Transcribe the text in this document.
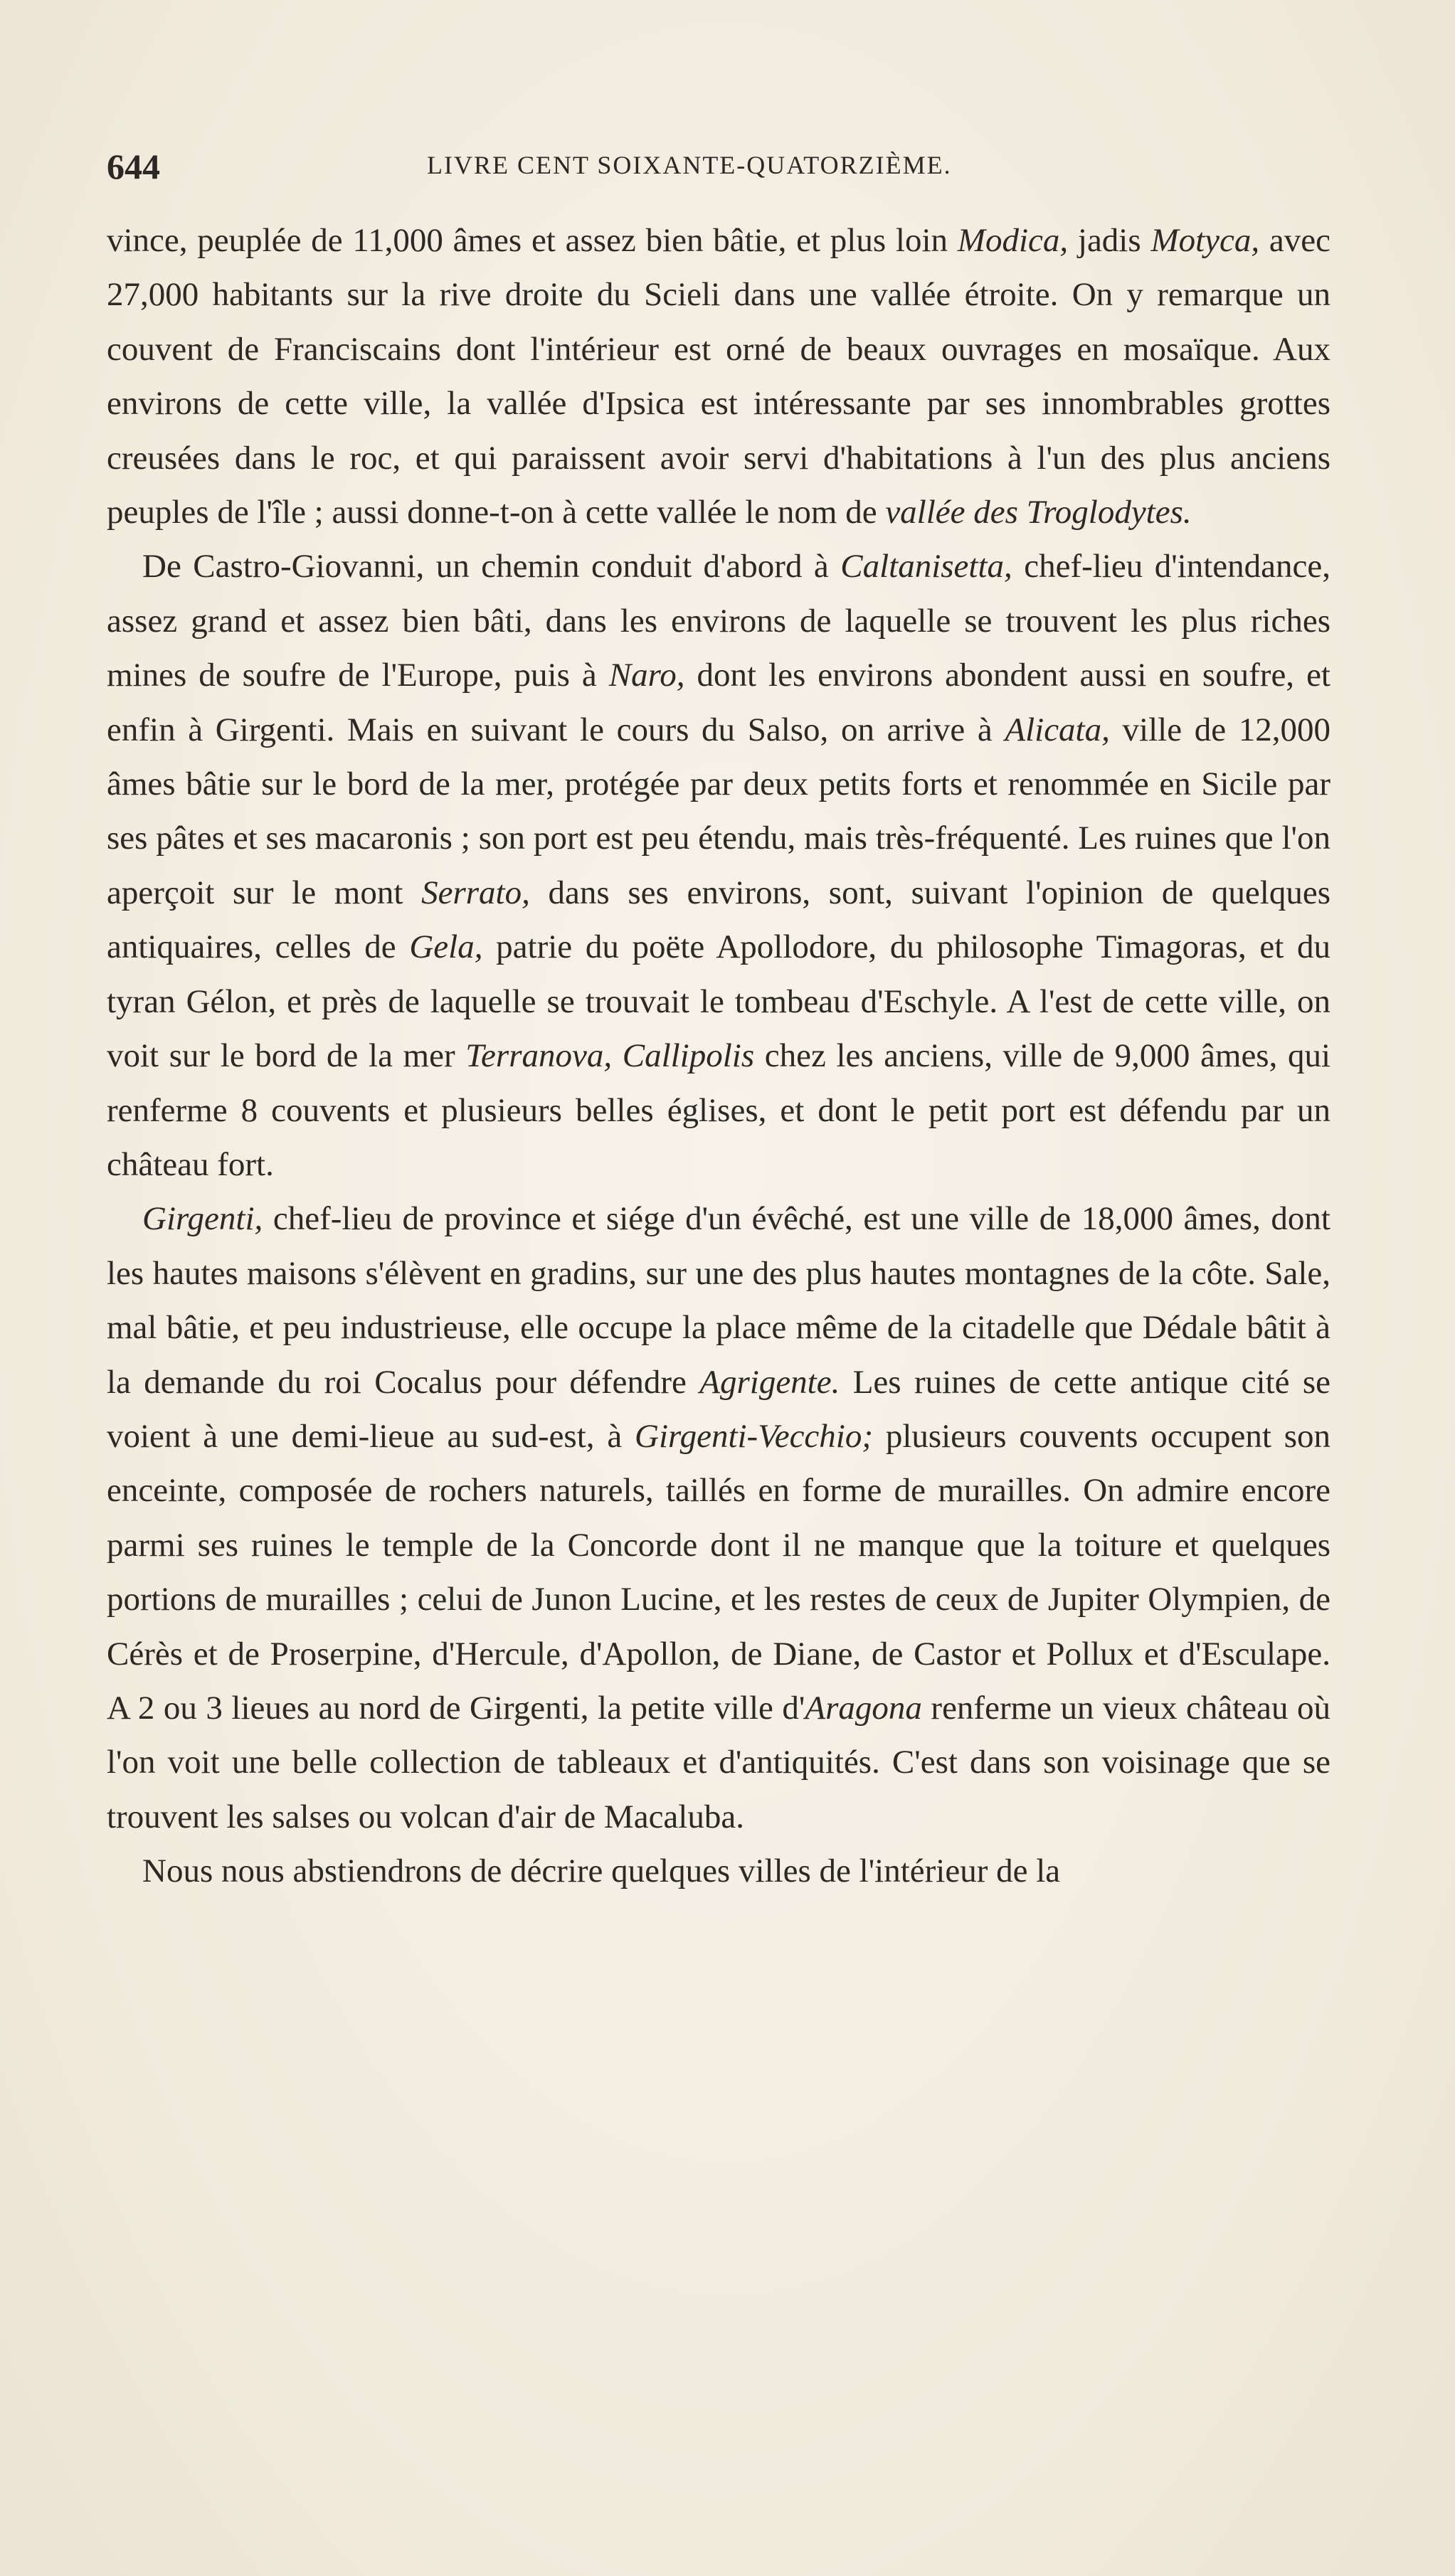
644	LIVRE CENT SOIXANTE-QUATORZIÈME.

vince, peuplée de 11,000 âmes et assez bien bâtie, et plus loin Modica, jadis Motyca, avec 27,000 habitants sur la rive droite du Scieli dans une vallée étroite. On y remarque un couvent de Franciscains dont l'intérieur est orné de beaux ouvrages en mosaïque. Aux environs de cette ville, la vallée d'Ipsica est intéressante par ses innombrables grottes creusées dans le roc, et qui paraissent avoir servi d'habitations à l'un des plus anciens peuples de l'île ; aussi donne-t-on à cette vallée le nom de vallée des Troglodytes.

De Castro-Giovanni, un chemin conduit d'abord à Caltanisetta, chef-lieu d'intendance, assez grand et assez bien bâti, dans les environs de laquelle se trouvent les plus riches mines de soufre de l'Europe, puis à Naro, dont les environs abondent aussi en soufre, et enfin à Girgenti. Mais en suivant le cours du Salso, on arrive à Alicata, ville de 12,000 âmes bâtie sur le bord de la mer, protégée par deux petits forts et renommée en Sicile par ses pâtes et ses macaronis ; son port est peu étendu, mais très-fréquenté. Les ruines que l'on aperçoit sur le mont Serrato, dans ses environs, sont, suivant l'opinion de quelques antiquaires, celles de Gela, patrie du poëte Apollodore, du philosophe Timagoras, et du tyran Gélon, et près de laquelle se trouvait le tombeau d'Eschyle. A l'est de cette ville, on voit sur le bord de la mer Terranova, Callipolis chez les anciens, ville de 9,000 âmes, qui renferme 8 couvents et plusieurs belles églises, et dont le petit port est défendu par un château fort.

Girgenti, chef-lieu de province et siége d'un évêché, est une ville de 18,000 âmes, dont les hautes maisons s'élèvent en gradins, sur une des plus hautes montagnes de la côte. Sale, mal bâtie, et peu industrieuse, elle occupe la place même de la citadelle que Dédale bâtit à la demande du roi Cocalus pour défendre Agrigente. Les ruines de cette antique cité se voient à une demi-lieue au sud-est, à Girgenti-Vecchio; plusieurs couvents occupent son enceinte, composée de rochers naturels, taillés en forme de murailles. On admire encore parmi ses ruines le temple de la Concorde dont il ne manque que la toiture et quelques portions de murailles ; celui de Junon Lucine, et les restes de ceux de Jupiter Olympien, de Cérès et de Proserpine, d'Hercule, d'Apollon, de Diane, de Castor et Pollux et d'Esculape. A 2 ou 3 lieues au nord de Girgenti, la petite ville d'Aragona renferme un vieux château où l'on voit une belle collection de tableaux et d'antiquités. C'est dans son voisinage que se trouvent les salses ou volcan d'air de Macaluba.

Nous nous abstiendrons de décrire quelques villes de l'intérieur de la
